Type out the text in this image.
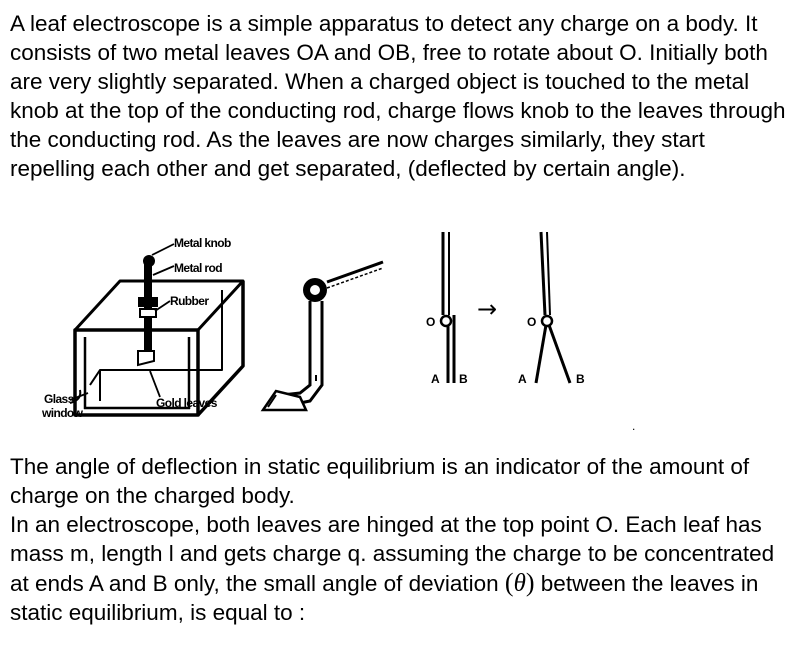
A leaf electroscope is a simple apparatus to detect any charge on a body. It consists of two metal leaves OA and OB, free to rotate about O. Initially both are very slightly separated. When a charged object is touched to the metal knob at the top of the conducting rod, charge flows knob to the leaves through the conducting rod. As the leaves are now charges similarly, they start repelling each other and get separated, (deflected by certain angle).

Metal knob
Metal rod
Rubber
Glass
window
Gold leaves
O
A B
→ O
A	B
.

The angle of deflection in static equilibrium is an indicator of the amount of charge on the charged body.

In an electroscope, both leaves are hinged at the top point O. Each leaf has mass m, length l and gets charge q. assuming the charge to be concentrated at ends A and B only, the small angle of deviation (θ) between the leaves in static equilibrium, is equal to :
